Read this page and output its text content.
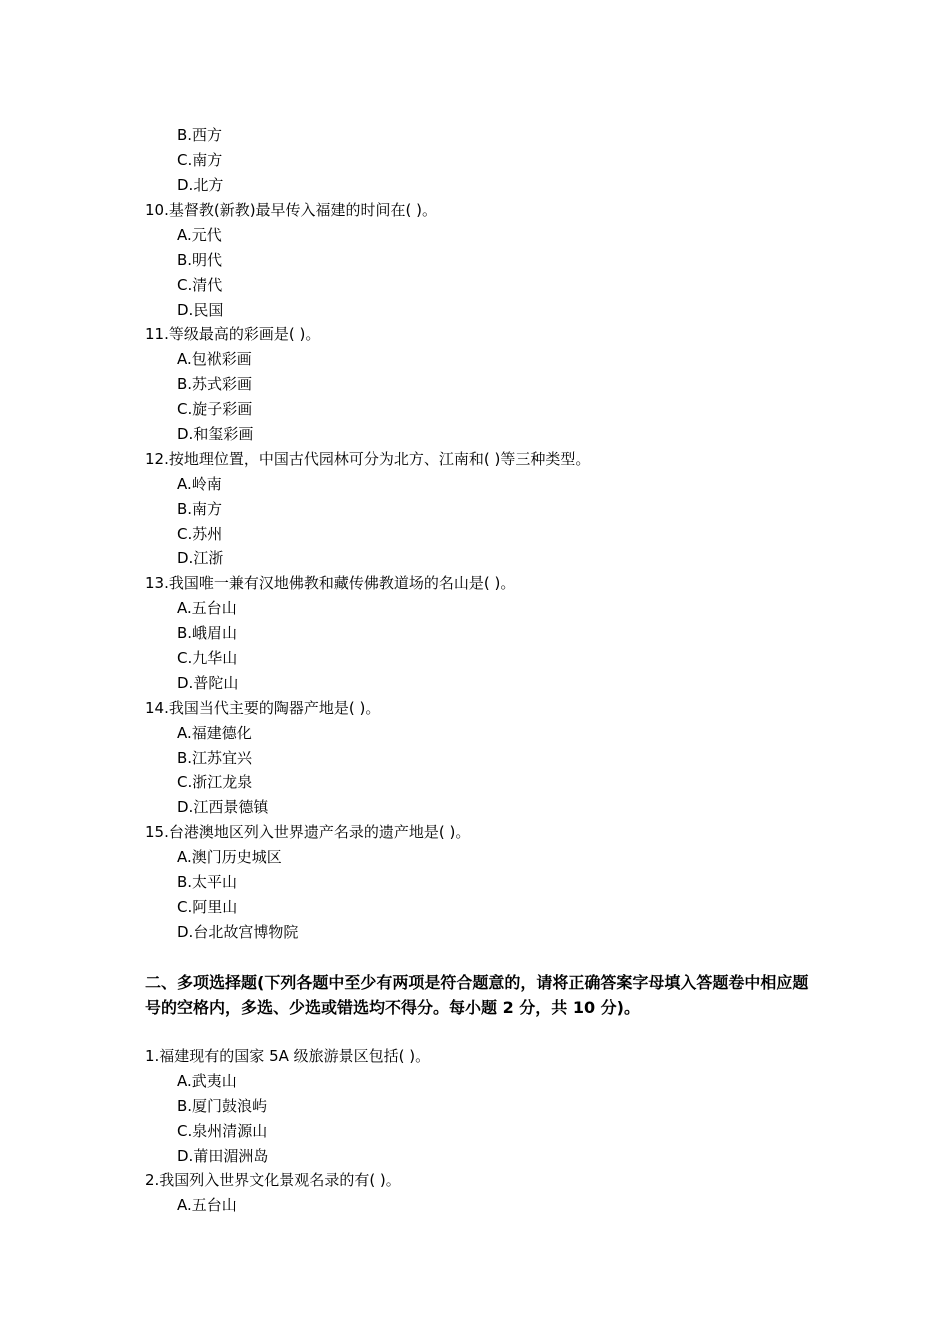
B.西方
C.南方
D.北方
10.基督教(新教)最早传入福建的时间在( )。
A.元代
B.明代
C.清代
D.民国
11.等级最高的彩画是( )。
A.包袱彩画
B.苏式彩画
C.旋子彩画
D.和玺彩画
12.按地理位置，中国古代园林可分为北方、江南和( )等三种类型。
A.岭南
B.南方
C.苏州
D.江浙
13.我国唯一兼有汉地佛教和藏传佛教道场的名山是( )。
A.五台山
B.峨眉山
C.九华山
D.普陀山
14.我国当代主要的陶器产地是( )。
A.福建德化
B.江苏宜兴
C.浙江龙泉
D.江西景德镇
15.台港澳地区列入世界遗产名录的遗产地是( )。
A.澳门历史城区
B.太平山
C.阿里山
D.台北故宫博物院
二、多项选择题(下列各题中至少有两项是符合题意的，请将正确答案字母填入答题卷中相应题号的空格内，多选、少选或错选均不得分。每小题 2 分，共 10 分)。
1.福建现有的国家 5A 级旅游景区包括( )。
A.武夷山
B.厦门鼓浪屿
C.泉州清源山
D.莆田湄洲岛
2.我国列入世界文化景观名录的有( )。
A.五台山
